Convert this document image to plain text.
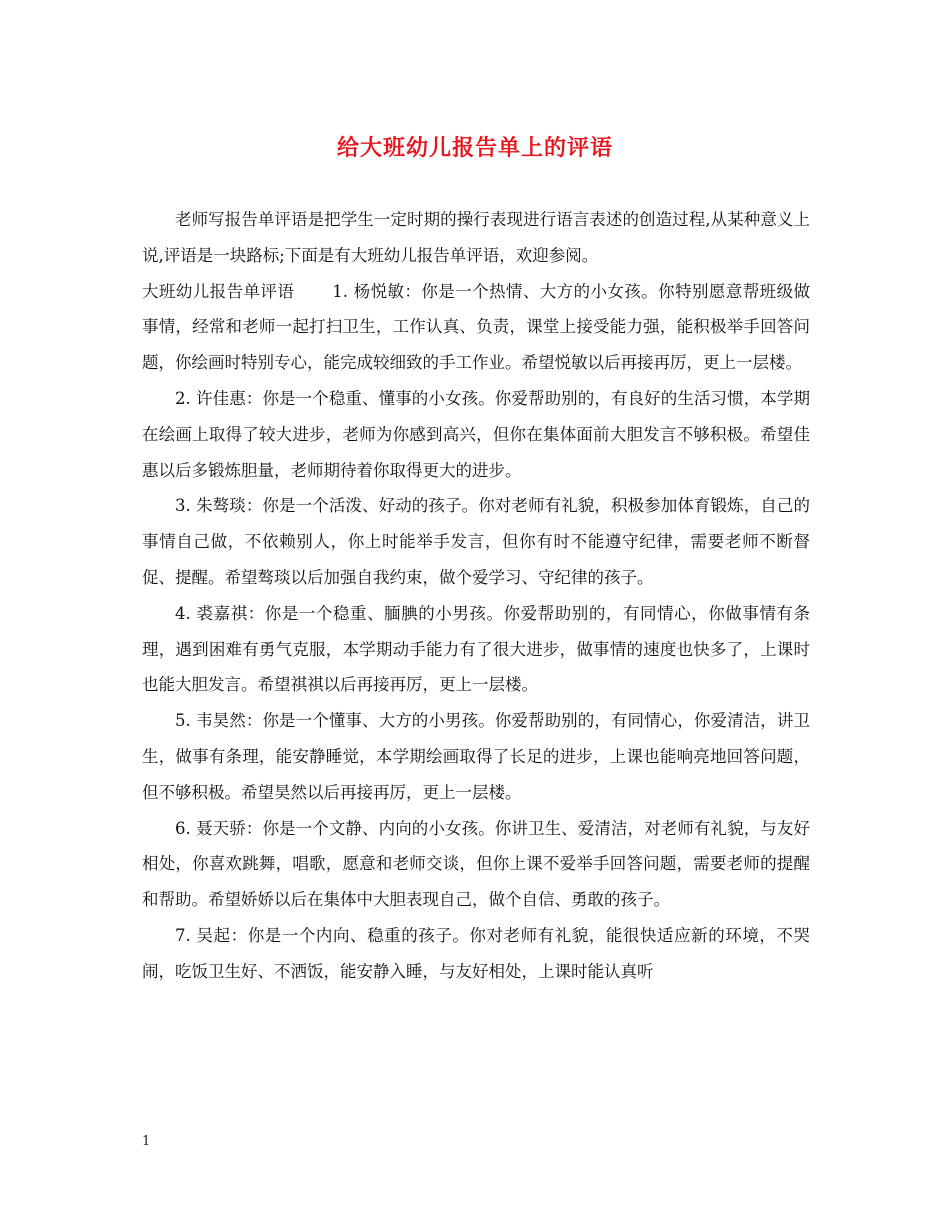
给大班幼儿报告单上的评语

老师写报告单评语是把学生一定时期的操行表现进行语言表述的创造过程,从某种意义上说,评语是一块路标;下面是有大班幼儿报告单评语，欢迎参阅。

大班幼儿报告单评语 1. 杨悦敏：你是一个热情、大方的小女孩。你特别愿意帮班级做事情，经常和老师一起打扫卫生，工作认真、负责，课堂上接受能力强，能积极举手回答问题，你绘画时特别专心，能完成较细致的手工作业。希望悦敏以后再接再厉，更上一层楼。

2. 许佳惠：你是一个稳重、懂事的小女孩。你爱帮助别的，有良好的生活习惯，本学期在绘画上取得了较大进步，老师为你感到高兴，但你在集体面前大胆发言不够积极。希望佳惠以后多锻炼胆量，老师期待着你取得更大的进步。

3. 朱骜琰：你是一个活泼、好动的孩子。你对老师有礼貌，积极参加体育锻炼，自己的事情自己做，不依赖别人，你上时能举手发言，但你有时不能遵守纪律，需要老师不断督促、提醒。希望骜琰以后加强自我约束，做个爱学习、守纪律的孩子。

4. 裘嘉祺：你是一个稳重、腼腆的小男孩。你爱帮助别的，有同情心，你做事情有条理，遇到困难有勇气克服，本学期动手能力有了很大进步，做事情的速度也快多了，上课时也能大胆发言。希望祺祺以后再接再厉，更上一层楼。

5. 韦昊然：你是一个懂事、大方的小男孩。你爱帮助别的，有同情心，你爱清洁，讲卫生，做事有条理，能安静睡觉，本学期绘画取得了长足的进步，上课也能响亮地回答问题，但不够积极。希望昊然以后再接再厉，更上一层楼。

6. 聂天骄：你是一个文静、内向的小女孩。你讲卫生、爱清洁，对老师有礼貌，与友好相处，你喜欢跳舞，唱歌，愿意和老师交谈，但你上课不爱举手回答问题，需要老师的提醒和帮助。希望娇娇以后在集体中大胆表现自己，做个自信、勇敢的孩子。

7. 吴起：你是一个内向、稳重的孩子。你对老师有礼貌，能很快适应新的环境，不哭闹，吃饭卫生好、不洒饭，能安静入睡，与友好相处，上课时能认真听

1
